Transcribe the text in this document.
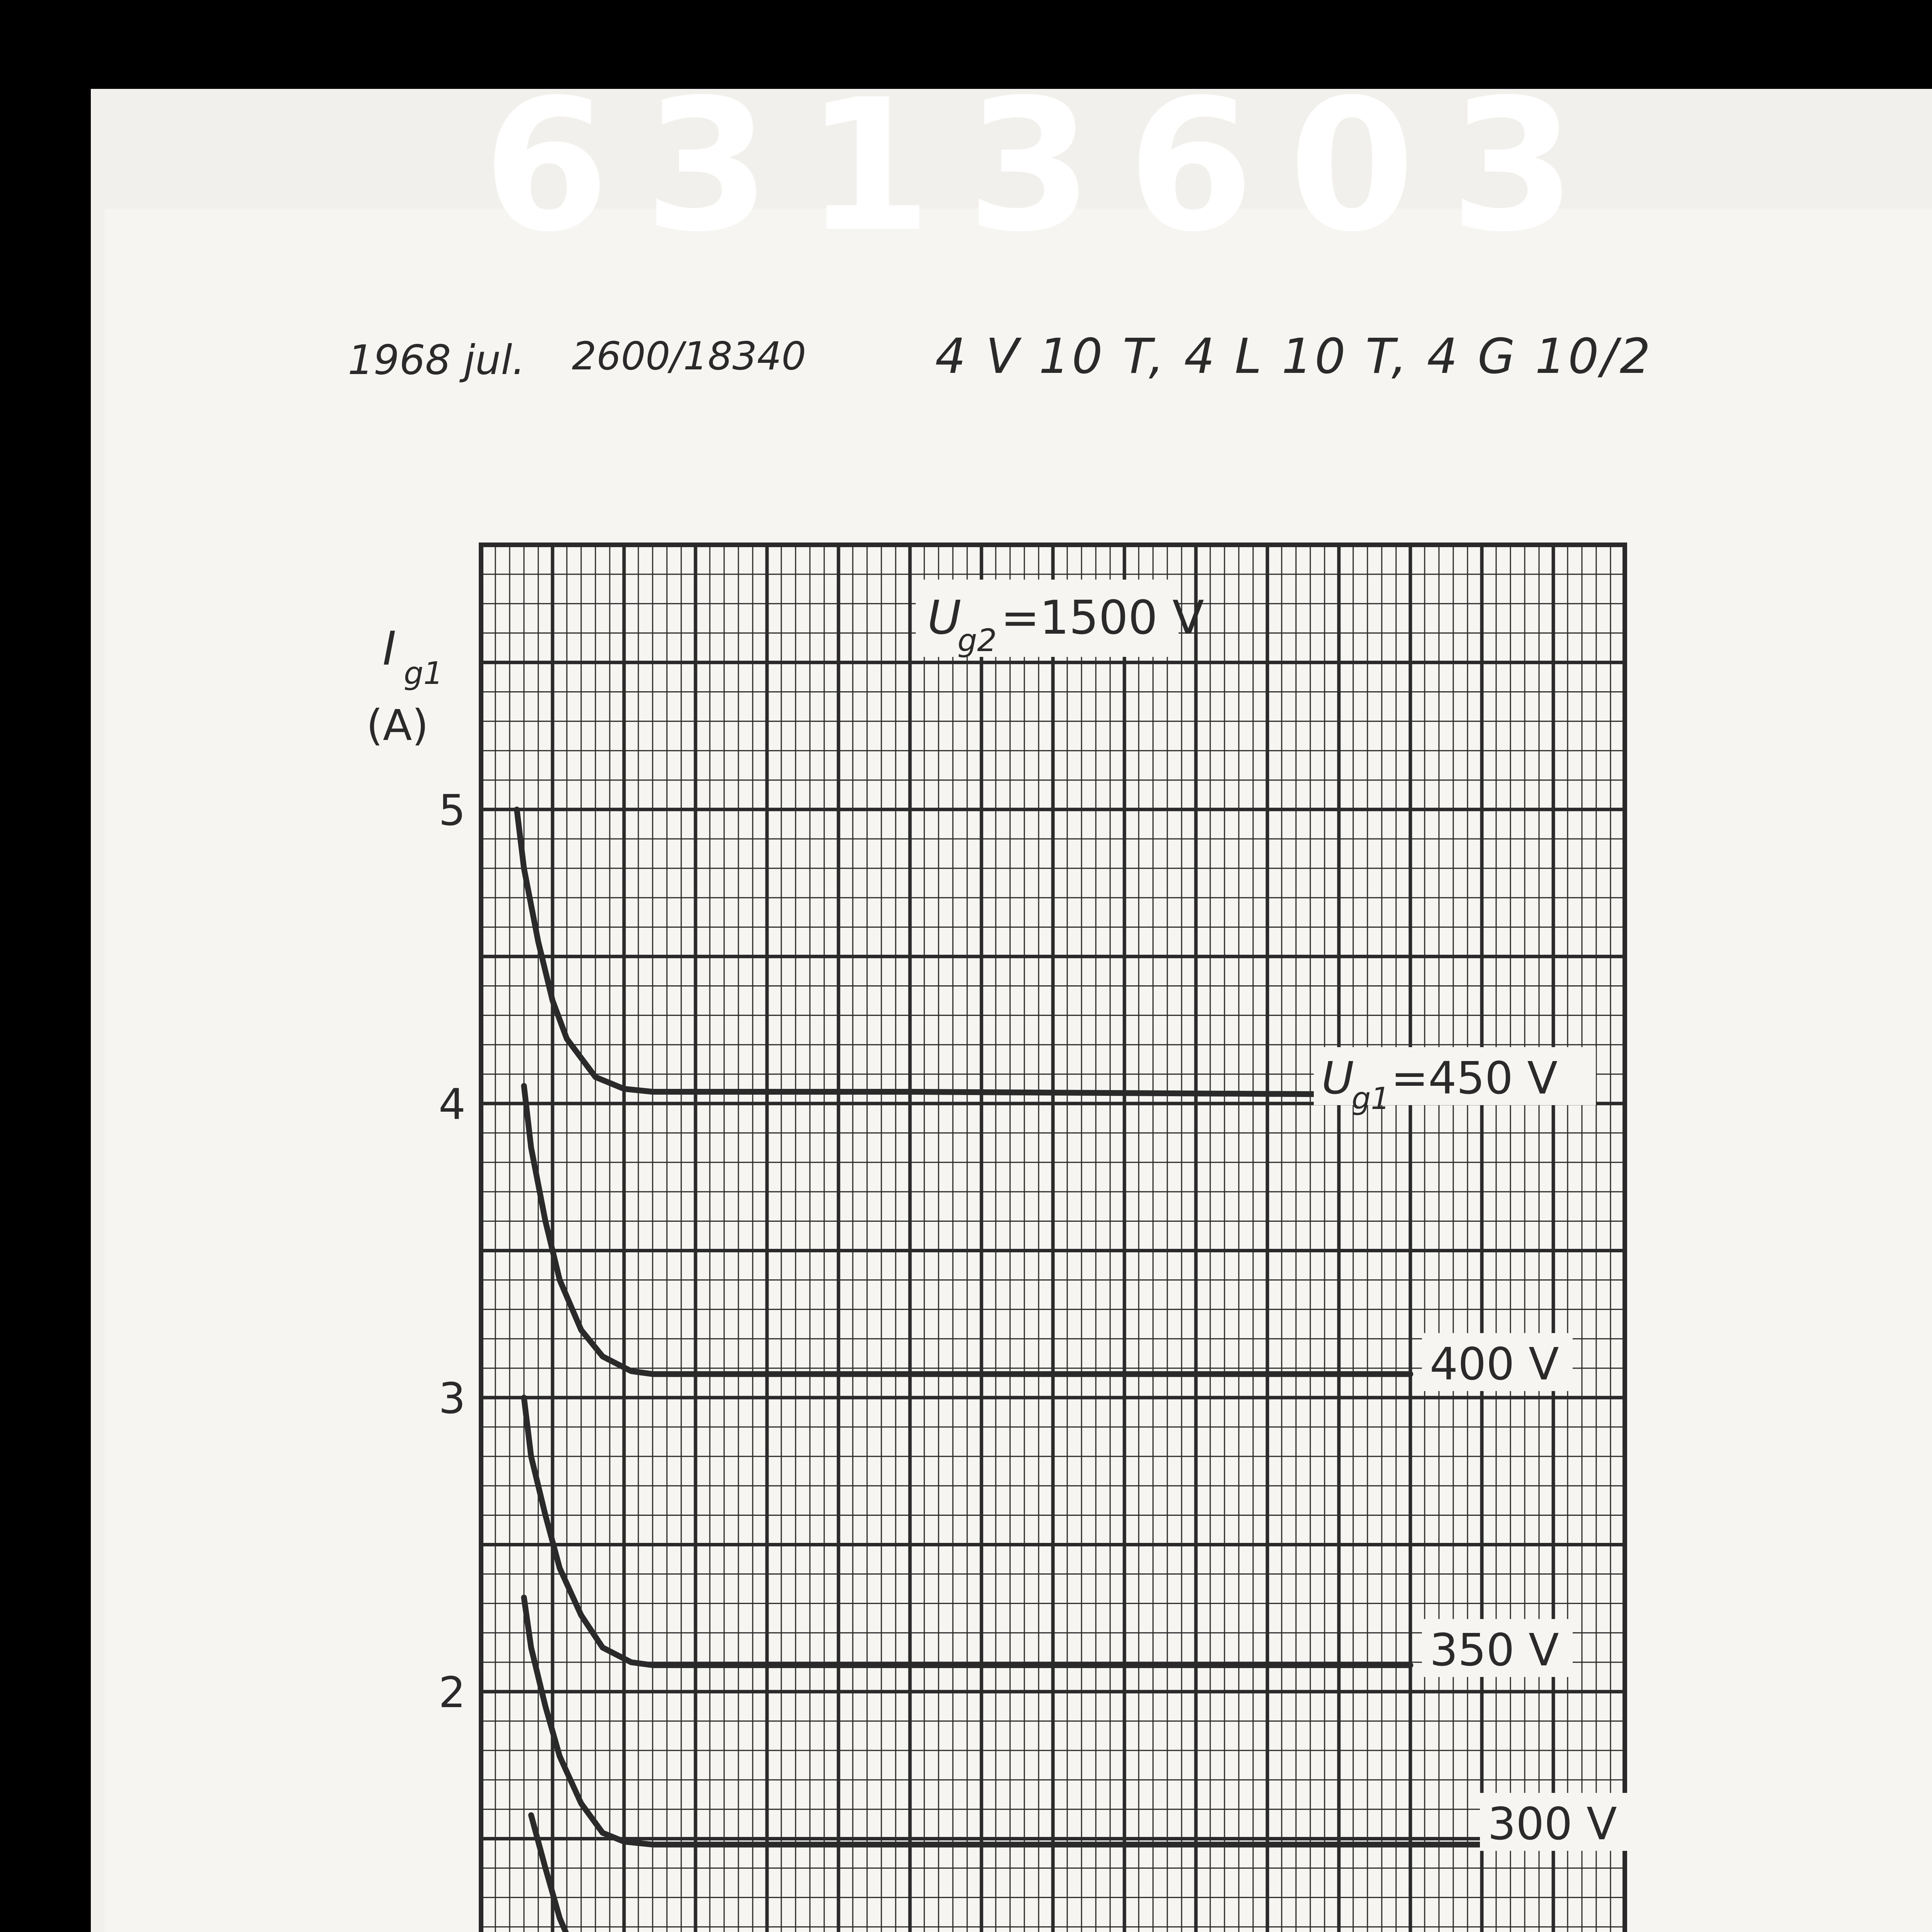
6313603
1968 jul. 2600/18340	4 V 10 T, 4 L 10 T, 4 G 10/2
U
g1 =450 V
400 V
350 V
300 V
2
3
4
5
I g1
(A)
U
g2 =1500 V
